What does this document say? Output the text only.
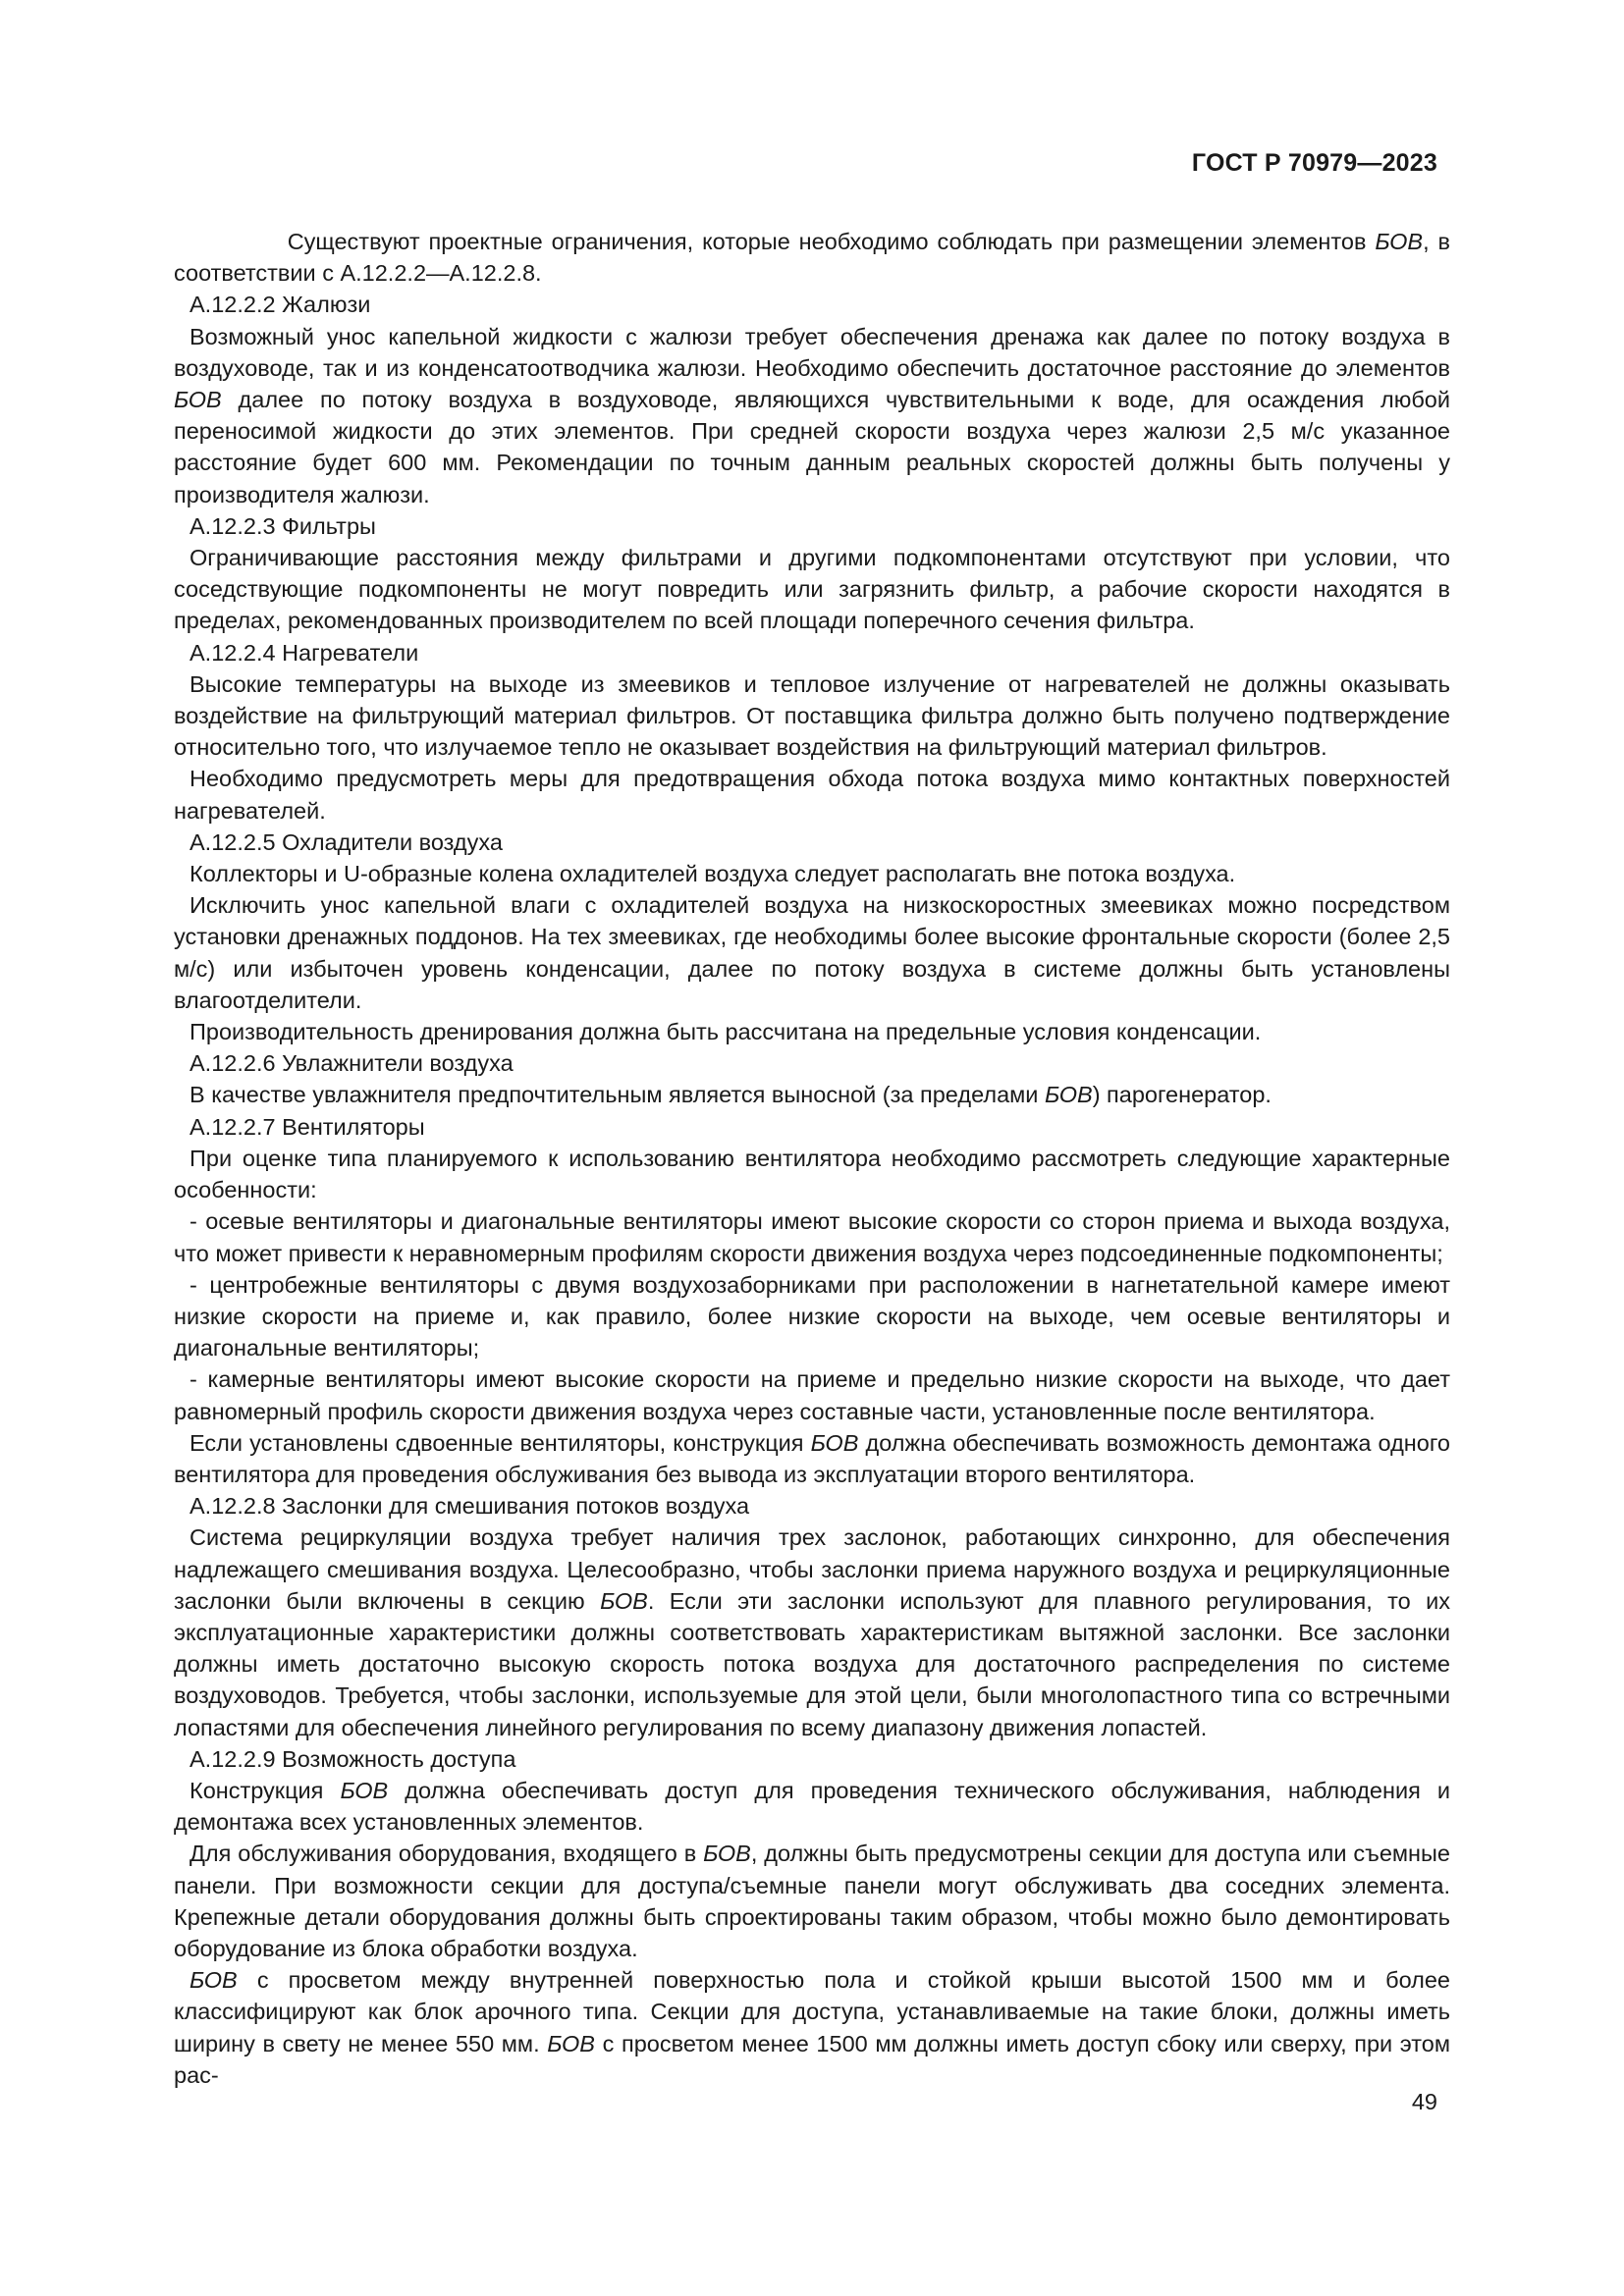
ГОСТ Р 70979—2023

Существуют проектные ограничения, которые необходимо соблюдать при размещении элементов БОВ, в соответствии с А.12.2.2—А.12.2.8.

А.12.2.2 Жалюзи

Возможный унос капельной жидкости с жалюзи требует обеспечения дренажа как далее по потоку воздуха в воздуховоде, так и из конденсатоотводчика жалюзи. Необходимо обеспечить достаточное расстояние до элементов БОВ далее по потоку воздуха в воздуховоде, являющихся чувствительными к воде, для осаждения любой переносимой жидкости до этих элементов. При средней скорости воздуха через жалюзи 2,5 м/с указанное расстояние будет 600 мм. Рекомендации по точным данным реальных скоростей должны быть получены у производителя жалюзи.

А.12.2.3 Фильтры

Ограничивающие расстояния между фильтрами и другими подкомпонентами отсутствуют при условии, что соседствующие подкомпоненты не могут повредить или загрязнить фильтр, а рабочие скорости находятся в пределах, рекомендованных производителем по всей площади поперечного сечения фильтра.

А.12.2.4 Нагреватели

Высокие температуры на выходе из змеевиков и тепловое излучение от нагревателей не должны оказывать воздействие на фильтрующий материал фильтров. От поставщика фильтра должно быть получено подтверждение относительно того, что излучаемое тепло не оказывает воздействия на фильтрующий материал фильтров.

Необходимо предусмотреть меры для предотвращения обхода потока воздуха мимо контактных поверхностей нагревателей.

А.12.2.5 Охладители воздуха

Коллекторы и U-образные колена охладителей воздуха следует располагать вне потока воздуха.

Исключить унос капельной влаги с охладителей воздуха на низкоскоростных змеевиках можно посредством установки дренажных поддонов. На тех змеевиках, где необходимы более высокие фронтальные скорости (более 2,5 м/с) или избыточен уровень конденсации, далее по потоку воздуха в системе должны быть установлены влагоотделители.

Производительность дренирования должна быть рассчитана на предельные условия конденсации.

А.12.2.6 Увлажнители воздуха

В качестве увлажнителя предпочтительным является выносной (за пределами БОВ) парогенератор.

А.12.2.7 Вентиляторы

При оценке типа планируемого к использованию вентилятора необходимо рассмотреть следующие характерные особенности:

- осевые вентиляторы и диагональные вентиляторы имеют высокие скорости со сторон приема и выхода воздуха, что может привести к неравномерным профилям скорости движения воздуха через подсоединенные подкомпоненты;

- центробежные вентиляторы с двумя воздухозаборниками при расположении в нагнетательной камере имеют низкие скорости на приеме и, как правило, более низкие скорости на выходе, чем осевые вентиляторы и диагональные вентиляторы;

- камерные вентиляторы имеют высокие скорости на приеме и предельно низкие скорости на выходе, что дает равномерный профиль скорости движения воздуха через составные части, установленные после вентилятора.

Если установлены сдвоенные вентиляторы, конструкция БОВ должна обеспечивать возможность демонтажа одного вентилятора для проведения обслуживания без вывода из эксплуатации второго вентилятора.

А.12.2.8 Заслонки для смешивания потоков воздуха

Система рециркуляции воздуха требует наличия трех заслонок, работающих синхронно, для обеспечения надлежащего смешивания воздуха. Целесообразно, чтобы заслонки приема наружного воздуха и рециркуляционные заслонки были включены в секцию БОВ. Если эти заслонки используют для плавного регулирования, то их эксплуатационные характеристики должны соответствовать характеристикам вытяжной заслонки. Все заслонки должны иметь достаточно высокую скорость потока воздуха для достаточного распределения по системе воздуховодов. Требуется, чтобы заслонки, используемые для этой цели, были многолопастного типа со встречными лопастями для обеспечения линейного регулирования по всему диапазону движения лопастей.

А.12.2.9 Возможность доступа

Конструкция БОВ должна обеспечивать доступ для проведения технического обслуживания, наблюдения и демонтажа всех установленных элементов.

Для обслуживания оборудования, входящего в БОВ, должны быть предусмотрены секции для доступа или съемные панели. При возможности секции для доступа/съемные панели могут обслуживать два соседних элемента. Крепежные детали оборудования должны быть спроектированы таким образом, чтобы можно было демонтировать оборудование из блока обработки воздуха.

БОВ с просветом между внутренней поверхностью пола и стойкой крыши высотой 1500 мм и более классифицируют как блок арочного типа. Секции для доступа, устанавливаемые на такие блоки, должны иметь ширину в свету не менее 550 мм. БОВ с просветом менее 1500 мм должны иметь доступ сбоку или сверху, при этом рас-

49
